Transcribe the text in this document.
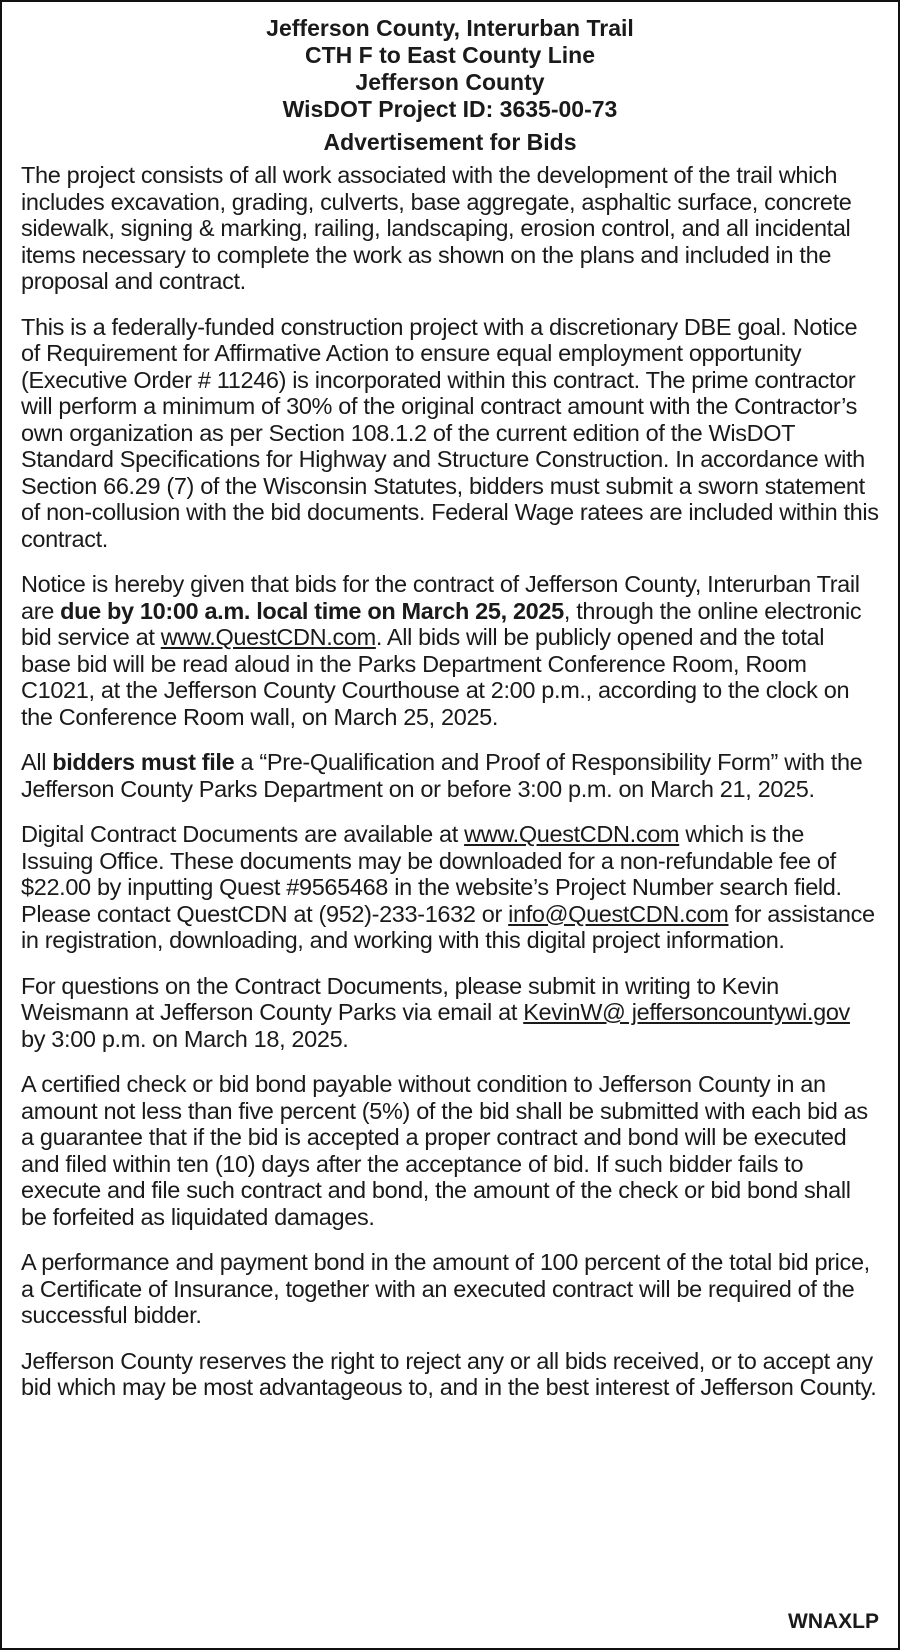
Jefferson County, Interurban Trail
CTH F to East County Line
Jefferson County
WisDOT Project ID: 3635-00-73
Advertisement for Bids

The project consists of all work associated with the development of the trail which includes excavation, grading, culverts, base aggregate, asphaltic surface, concrete sidewalk, signing & marking, railing, landscaping, erosion control, and all incidental items necessary to complete the work as shown on the plans and included in the proposal and contract.

This is a federally-funded construction project with a discretionary DBE goal. Notice of Requirement for Affirmative Action to ensure equal employment opportunity (Executive Order # 11246) is incorporated within this contract. The prime contractor will perform a minimum of 30% of the original contract amount with the Contractor’s own organization as per Section 108.1.2 of the current edition of the WisDOT Standard Specifications for Highway and Structure Construction. In accordance with Section 66.29 (7) of the Wisconsin Statutes, bidders must submit a sworn statement of non-collusion with the bid documents. Federal Wage ratees are included within this contract.

Notice is hereby given that bids for the contract of Jefferson County, Interurban Trail are due by 10:00 a.m. local time on March 25, 2025, through the online electronic bid service at www.QuestCDN.com. All bids will be publicly opened and the total base bid will be read aloud in the Parks Department Conference Room, Room C1021, at the Jefferson County Courthouse at 2:00 p.m., according to the clock on the Conference Room wall, on March 25, 2025.

All bidders must file a “Pre-Qualification and Proof of Responsibility Form” with the Jefferson County Parks Department on or before 3:00 p.m. on March 21, 2025.

Digital Contract Documents are available at www.QuestCDN.com which is the Issuing Office. These documents may be downloaded for a non-refundable fee of $22.00 by inputting Quest #9565468 in the website’s Project Number search field. Please contact QuestCDN at (952)-233-1632 or info@QuestCDN.com for assistance in registration, downloading, and working with this digital project information.

For questions on the Contract Documents, please submit in writing to Kevin Weismann at Jefferson County Parks via email at KevinW@ jeffersoncountywi.gov by 3:00 p.m. on March 18, 2025.

A certified check or bid bond payable without condition to Jefferson County in an amount not less than five percent (5%) of the bid shall be submitted with each bid as a guarantee that if the bid is accepted a proper contract and bond will be executed and filed within ten (10) days after the acceptance of bid. If such bidder fails to execute and file such contract and bond, the amount of the check or bid bond shall be forfeited as liquidated damages.

A performance and payment bond in the amount of 100 percent of the total bid price, a Certificate of Insurance, together with an executed contract will be required of the successful bidder.

Jefferson County reserves the right to reject any or all bids received, or to accept any bid which may be most advantageous to, and in the best interest of Jefferson County.

WNAXLP
